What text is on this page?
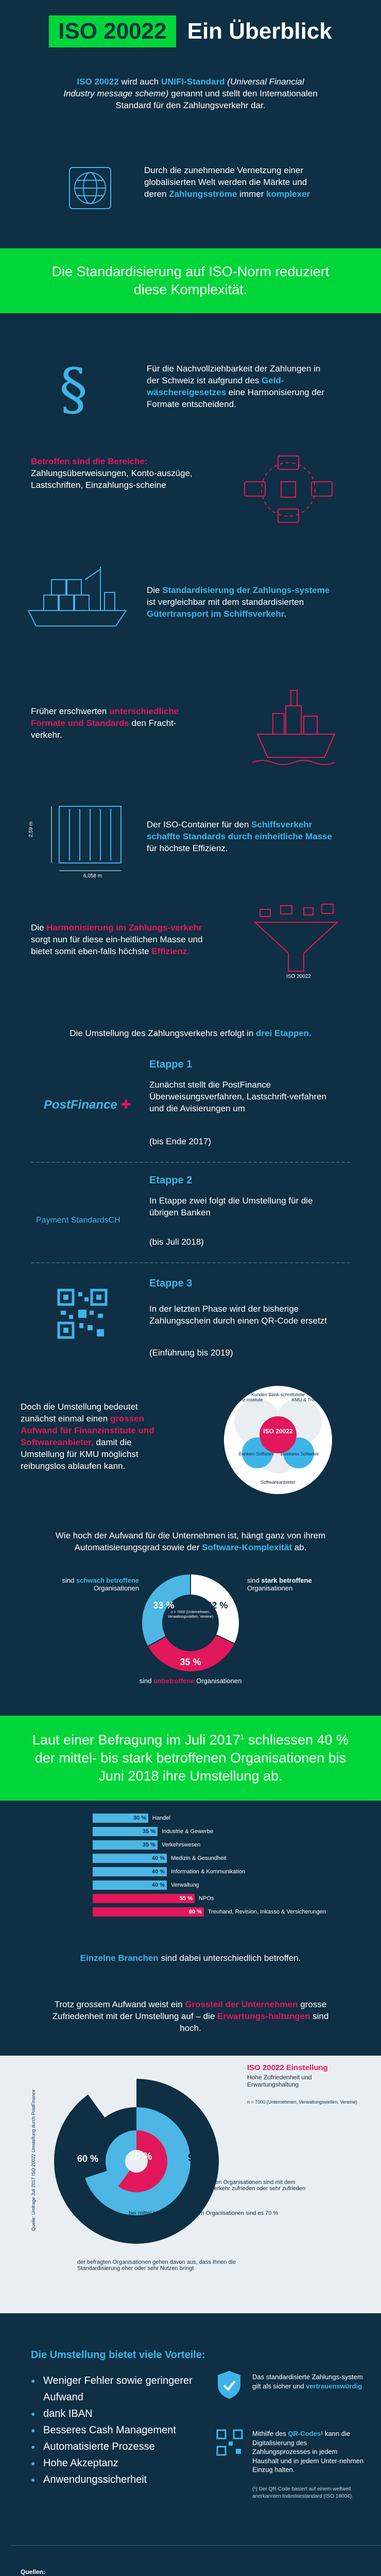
ISO 20022 Ein Überblick
ISO 20022 wird auch UNIFI-Standard (Universal Financial Industry message scheme) genannt und stellt den Internationalen Standard für den Zahlungsverkehr dar.
Durch die zunehmende Vernetzung einer globalisierten Welt werden die Märkte und deren Zahlungsströme immer komplexer
Die Standardisierung auf ISO-Norm reduziert diese Komplexität.
§	Für die Nachvollziehbarkeit der Zahlungen in der Schweiz ist aufgrund des Geld-wäschereigesetzes eine Harmonisierung der Formate entscheidend.
Betroffen sind die Bereiche: Zahlungsüberweisungen, Konto-auszüge, Lastschriften, Einzahlungs-scheine
Die Standardisierung der Zahlungs-systeme ist vergleichbar mit dem standardisierten Gütertransport im Schiffsverkehr.
Früher erschwerten unterschiedliche Formate und Standards den Fracht-verkehr.
2,59 m
6,058 m
Der ISO-Container für den Schiffsverkehr schaffte Standards durch einheitliche Masse für höchste Effizienz.
Die Harmonisierung im Zahlungs-verkehr sorgt nun für diese ein-heitlichen Masse und bietet somit eben-falls höchste Effizienz.
ISO 20022
Die Umstellung des Zahlungsverkehrs erfolgt in drei Etappen.
PostFinance ✚
Etappe 1
Zunächst stellt die PostFinance Überweisungsverfahren, Lastschrift-verfahren und die Avisierungen um
(bis Ende 2017)
Payment StandardsCH
Etappe 2
In Etappe zwei folgt die Umstellung für die übrigen Banken
(bis Juli 2018)
Etappe 3
In der letzten Phase wird der bisherige Zahlungsschein durch einen QR-Code ersetzt
(Einführung bis 2019)
Doch die Umstellung bedeutet zunächst einmal einen grossen Aufwand für Finanzinstitute und Softwareanbieter, damit die Umstellung für KMU möglichst reibungslos ablaufen kann.
ISO 20022
Finanz-institute
Kunden Bank-schnittstelle
KMU & Treuhänder
Banken-Software Business Software
Softwareanbieter
Wie hoch der Aufwand für die Unternehmen ist, hängt ganz von ihrem Automatisierungsgrad sowie der Software-Komplexität ab.
n = 7000 (Unternehmen, Verwaltungsstellen, Vereine)
33 %	32 %
35 %
sind schwach betroffene Organisationen
sind stark betroffene Organisationen
sind unbetroffene Organisationen
Laut einer Befragung im Juli 2017$^1$ schliessen 40 % der mittel- bis stark betroffenen Organisationen bis Juni 2018 ihre Umstellung ab.
30 %	Handel
35 %	Industrie & Gewerbe
35 %	Verkehrswesen
40 %	Medizin & Gesundheit
40 %	Information & Kommunikation
40 %	Verwaltung
55 %	NPOs
60 %	Treuhand, Revision, Inkasso & Versicherungen
Einzelne Branchen sind dabei unterschiedlich betroffen.
Trotz grossem Aufwand weist ein Grossteil der Unternehmen grosse Zufriedenheit mit der Umstellung auf – die Erwartungs-haltungen sind hoch.
ISO 20022 Einstellung
Hohe Zufriedenheit und Erwartungshaltung
n = 7000 (Unternehmen, Verwaltungsstellen, Vereine)
90 %
70 %
60 %
der befragten Organisationen sind mit dem Zahlungsverkehr zufrieden oder sehr zufrieden
bei mittel bis stark betroffenen Organisationen sind es 70 %
der befragten Organisationen gehen davon aus, dass Ihnen die Standardisierung eher oder sehr Nutzen bringt
Die Umstellung bietet viele Vorteile:
● Weniger Fehler sowie geringerer Aufwand
● dank IBAN
● Besseres Cash Management
● Automatisierte Prozesse
● Hohe Akzeptanz
● Anwendungssicherheit
Das standardisierte Zahlungs-system gilt als sicher und vertrauenswürdig
Mithilfe des QR-Codes¹ kann die Digitalisierung des Zahlungsprozesses in jedem Haushalt und in jedem Unter-nehmen Einzug halten.
(¹) Der QR-Code basiert auf einem weltweit anerkannten Industriestandard (ISO 18004).
Quellen:
